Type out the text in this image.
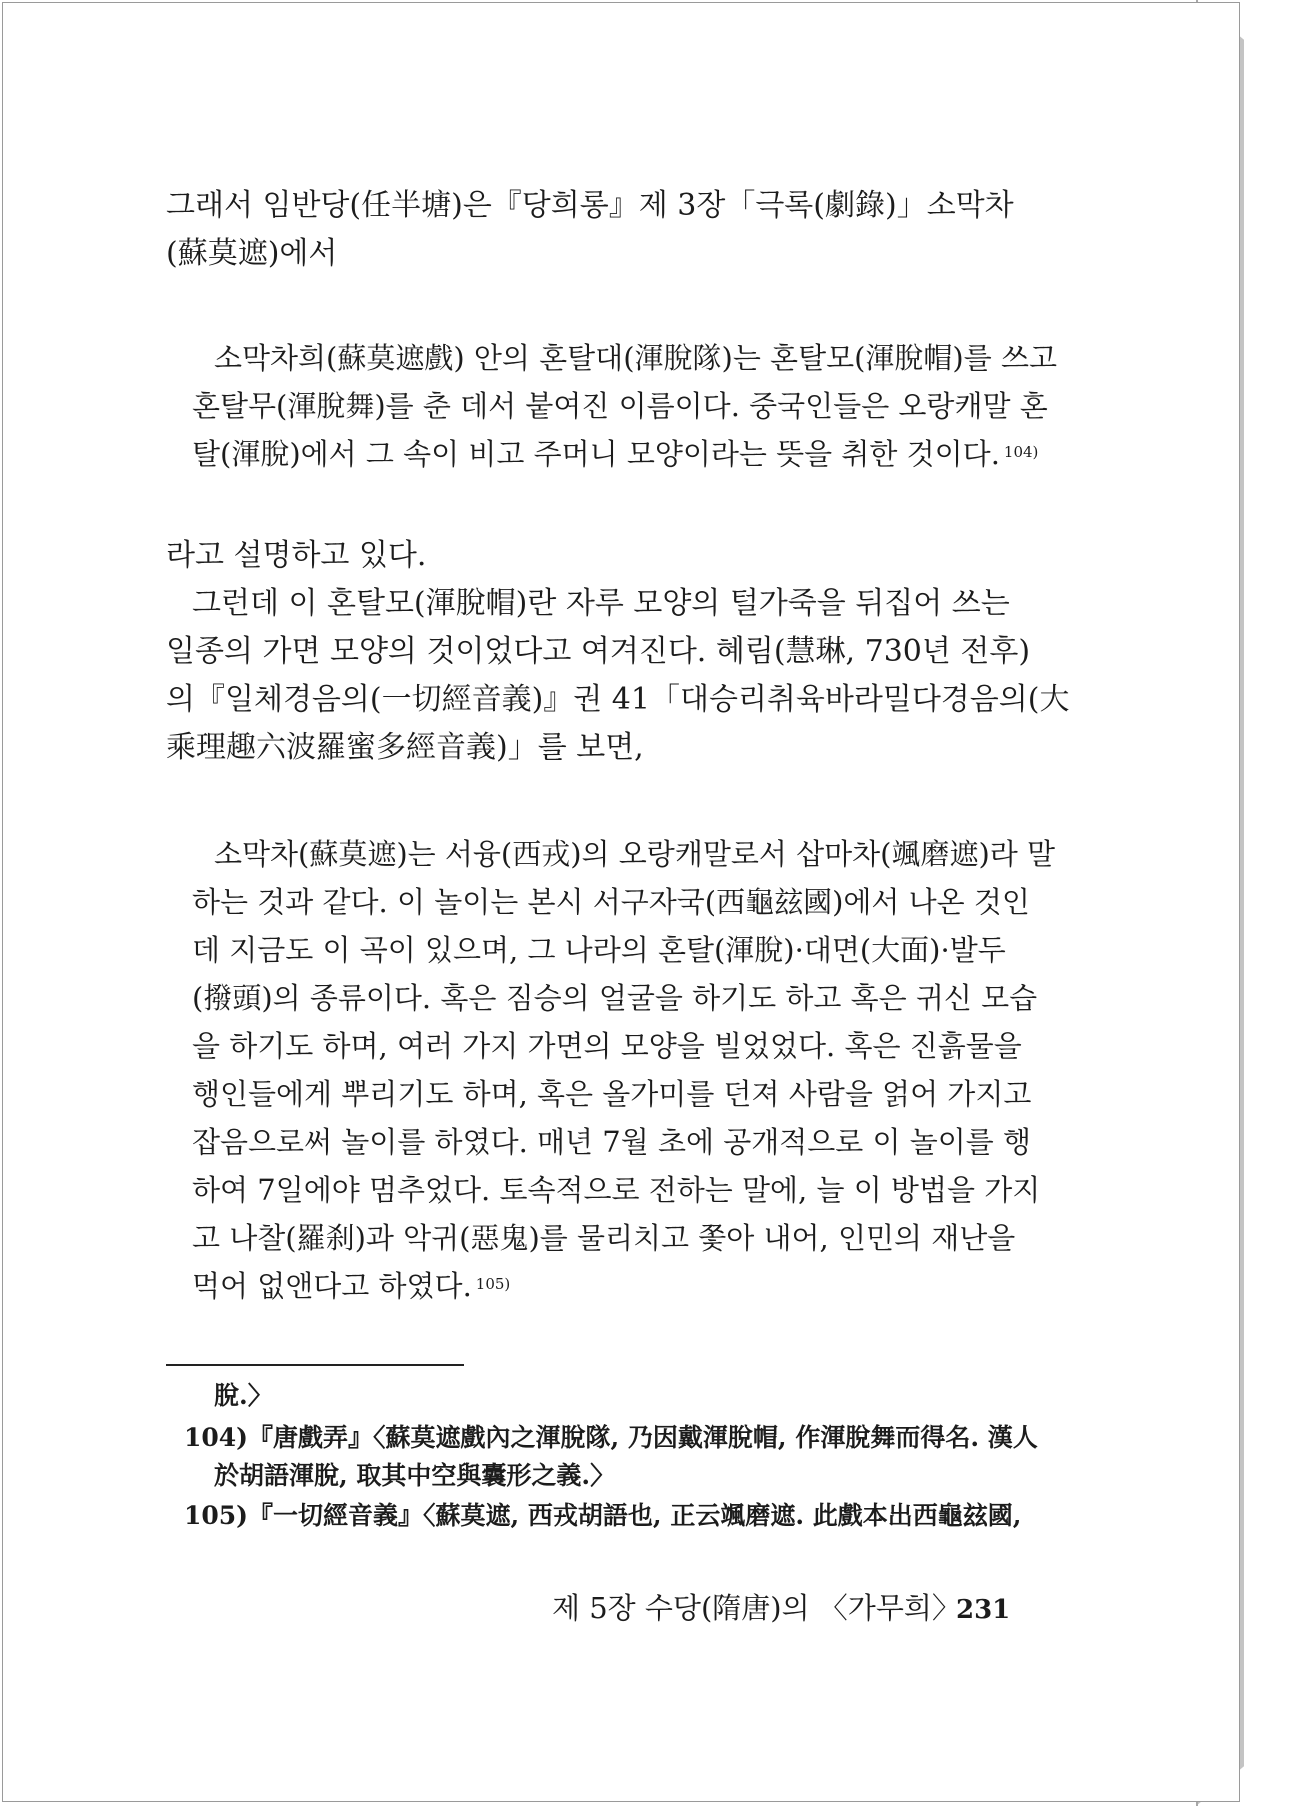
그래서 임반당(任半塘)은『당희롱』제 3장「극록(劇錄)」소막차
(蘇莫遮)에서
소막차희(蘇莫遮戲) 안의 혼탈대(渾脫隊)는 혼탈모(渾脫帽)를 쓰고
혼탈무(渾脫舞)를 춘 데서 붙여진 이름이다. 중국인들은 오랑캐말 혼
탈(渾脫)에서 그 속이 비고 주머니 모양이라는 뜻을 취한 것이다. $^{104)}$
라고 설명하고 있다.
그런데 이 혼탈모(渾脫帽)란 자루 모양의 털가죽을 뒤집어 쓰는
일종의 가면 모양의 것이었다고 여겨진다. 혜림(慧琳, 730년 전후)
의『일체경음의(一切經音義)』권 41「대승리취육바라밀다경음의(大
乘理趣六波羅蜜多經音義)」를 보면,
소막차(蘇莫遮)는 서융(西戎)의 오랑캐말로서 삽마차(颯磨遮)라 말
하는 것과 같다. 이 놀이는 본시 서구자국(西龜玆國)에서 나온 것인
데 지금도 이 곡이 있으며, 그 나라의 혼탈(渾脫)·대면(大面)·발두
(撥頭)의 종류이다. 혹은 짐승의 얼굴을 하기도 하고 혹은 귀신 모습
을 하기도 하며, 여러 가지 가면의 모양을 빌었었다. 혹은 진흙물을
행인들에게 뿌리기도 하며, 혹은 올가미를 던져 사람을 얽어 가지고
잡음으로써 놀이를 하였다. 매년 7월 초에 공개적으로 이 놀이를 행
하여 7일에야 멈추었다. 토속적으로 전하는 말에, 늘 이 방법을 가지
고 나찰(羅刹)과 악귀(惡鬼)를 물리치고 쫓아 내어, 인민의 재난을
먹어 없앤다고 하였다. $^{105)}$
脫.〉
104)『唐戲弄』〈蘇莫遮戲內之渾脫隊, 乃因戴渾脫帽, 作渾脫舞而得名. 漢人
於胡語渾脫, 取其中空與囊形之義.〉
105)『一切經音義』〈蘇莫遮, 西戎胡語也, 正云颯磨遮. 此戲本出西龜玆國,
제 5장 수당(隋唐)의 〈가무희〉
231
